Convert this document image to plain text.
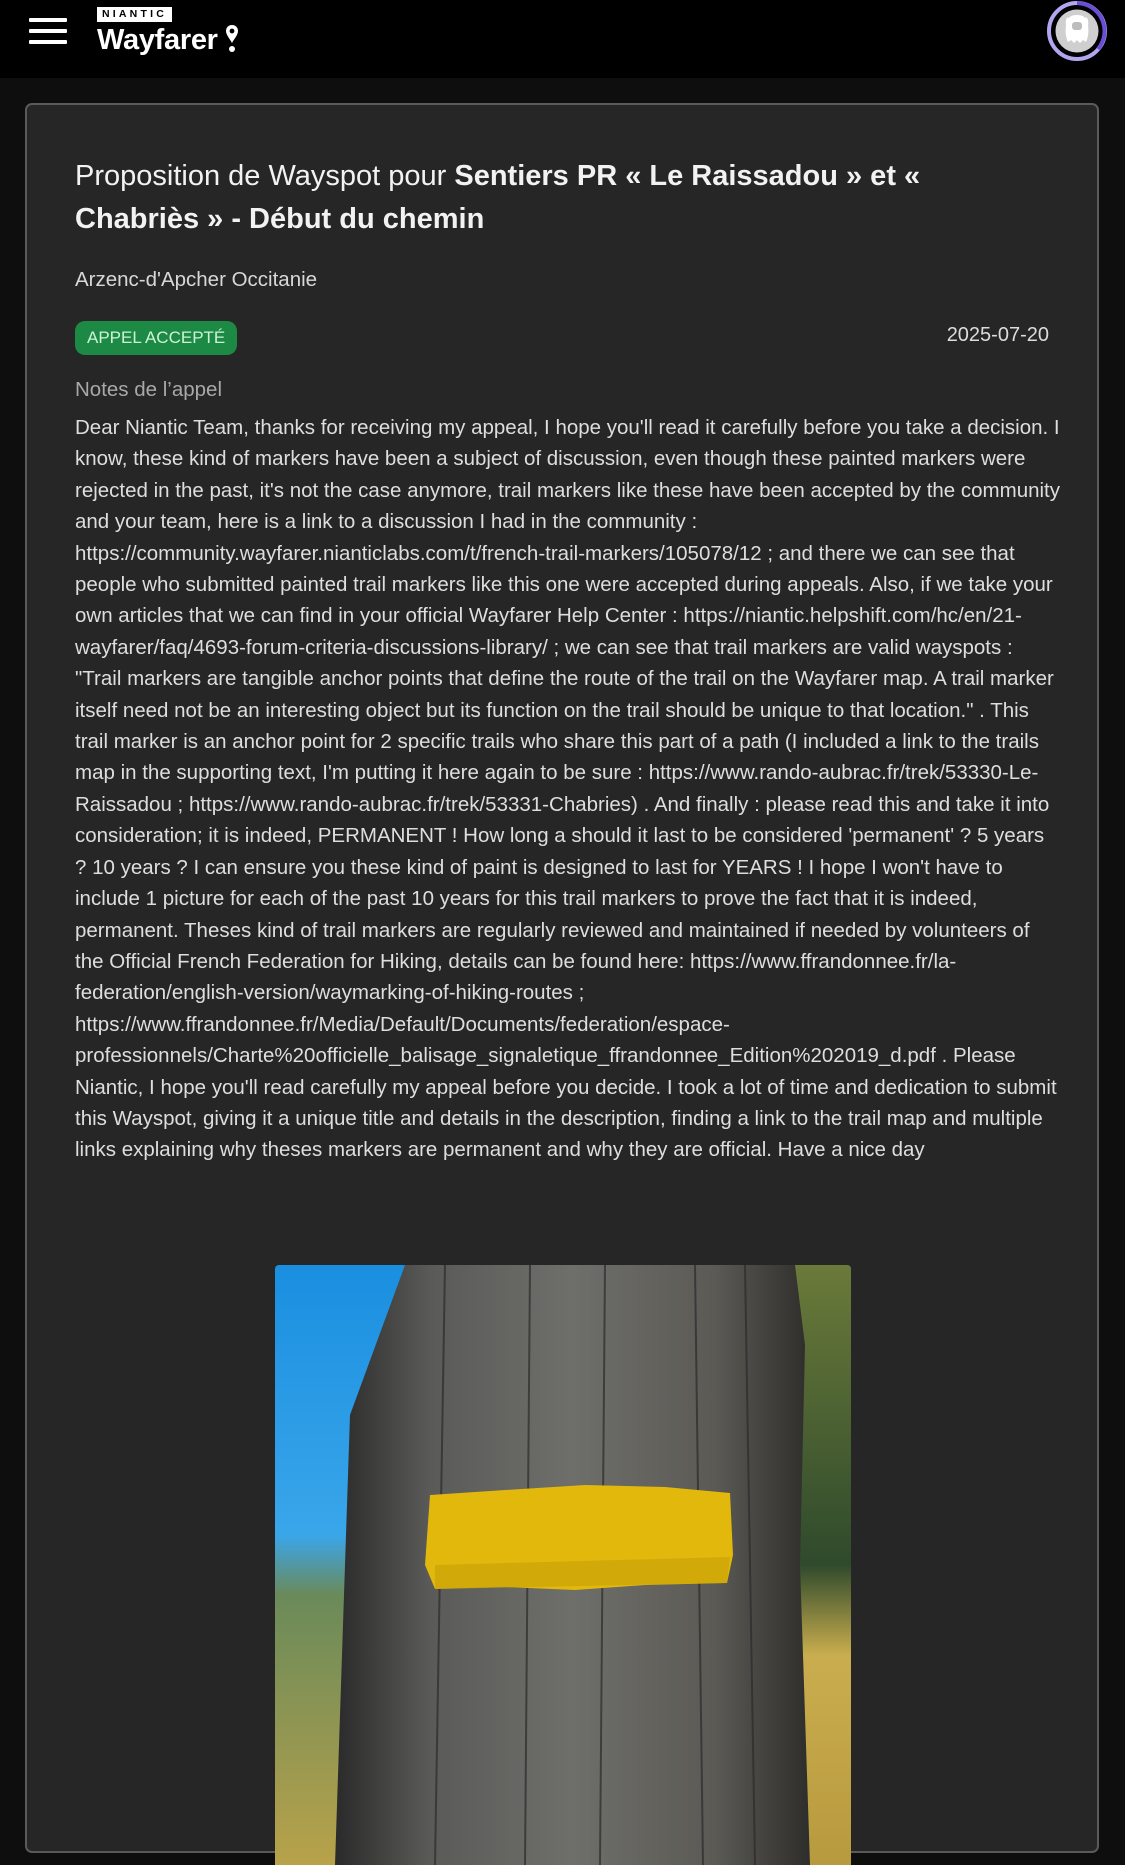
NIANTIC
Wayfarer
Proposition de Wayspot pour Sentiers PR « Le Raissadou » et « Chabriès » - Début du chemin
Arzenc-d'Apcher Occitanie
APPEL ACCEPTÉ	2025-07-20
Notes de l’appel

Dear Niantic Team, thanks for receiving my appeal, I hope you'll read it carefully before you take a decision. I know, these kind of markers have been a subject of discussion, even though these painted markers were rejected in the past, it's not the case anymore, trail markers like these have been accepted by the community and your team, here is a link to a discussion I had in the community : https://community.wayfarer.nianticlabs.com/t/french-trail-markers/105078/12 ; and there we can see that people who submitted painted trail markers like this one were accepted during appeals. Also, if we take your own articles that we can find in your official Wayfarer Help Center : https://niantic.helpshift.com/hc/en/21-wayfarer/faq/4693-forum-criteria-discussions-library/ ; we can see that trail markers are valid wayspots : "Trail markers are tangible anchor points that define the route of the trail on the Wayfarer map. A trail marker itself need not be an interesting object but its function on the trail should be unique to that location." . This trail marker is an anchor point for 2 specific trails who share this part of a path (I included a link to the trails map in the supporting text, I'm putting it here again to be sure : https://www.rando-aubrac.fr/trek/53330-Le-Raissadou ; https://www.rando-aubrac.fr/trek/53331-Chabries) . And finally : please read this and take it into consideration; it is indeed, PERMANENT ! How long a should it last to be considered 'permanent' ? 5 years ? 10 years ? I can ensure you these kind of paint is designed to last for YEARS ! I hope I won't have to include 1 picture for each of the past 10 years for this trail markers to prove the fact that it is indeed, permanent. Theses kind of trail markers are regularly reviewed and maintained if needed by volunteers of the Official French Federation for Hiking, details can be found here: https://www.ffrandonnee.fr/la-federation/english-version/waymarking-of-hiking-routes ; https://www.ffrandonnee.fr/Media/Default/Documents/federation/espace-professionnels/Charte%20officielle_balisage_signaletique_ffrandonnee_Edition%202019_d.pdf . Please Niantic, I hope you'll read carefully my appeal before you decide. I took a lot of time and dedication to submit this Wayspot, giving it a unique title and details in the description, finding a link to the trail map and multiple links explaining why theses markers are permanent and why they are official. Have a nice day
